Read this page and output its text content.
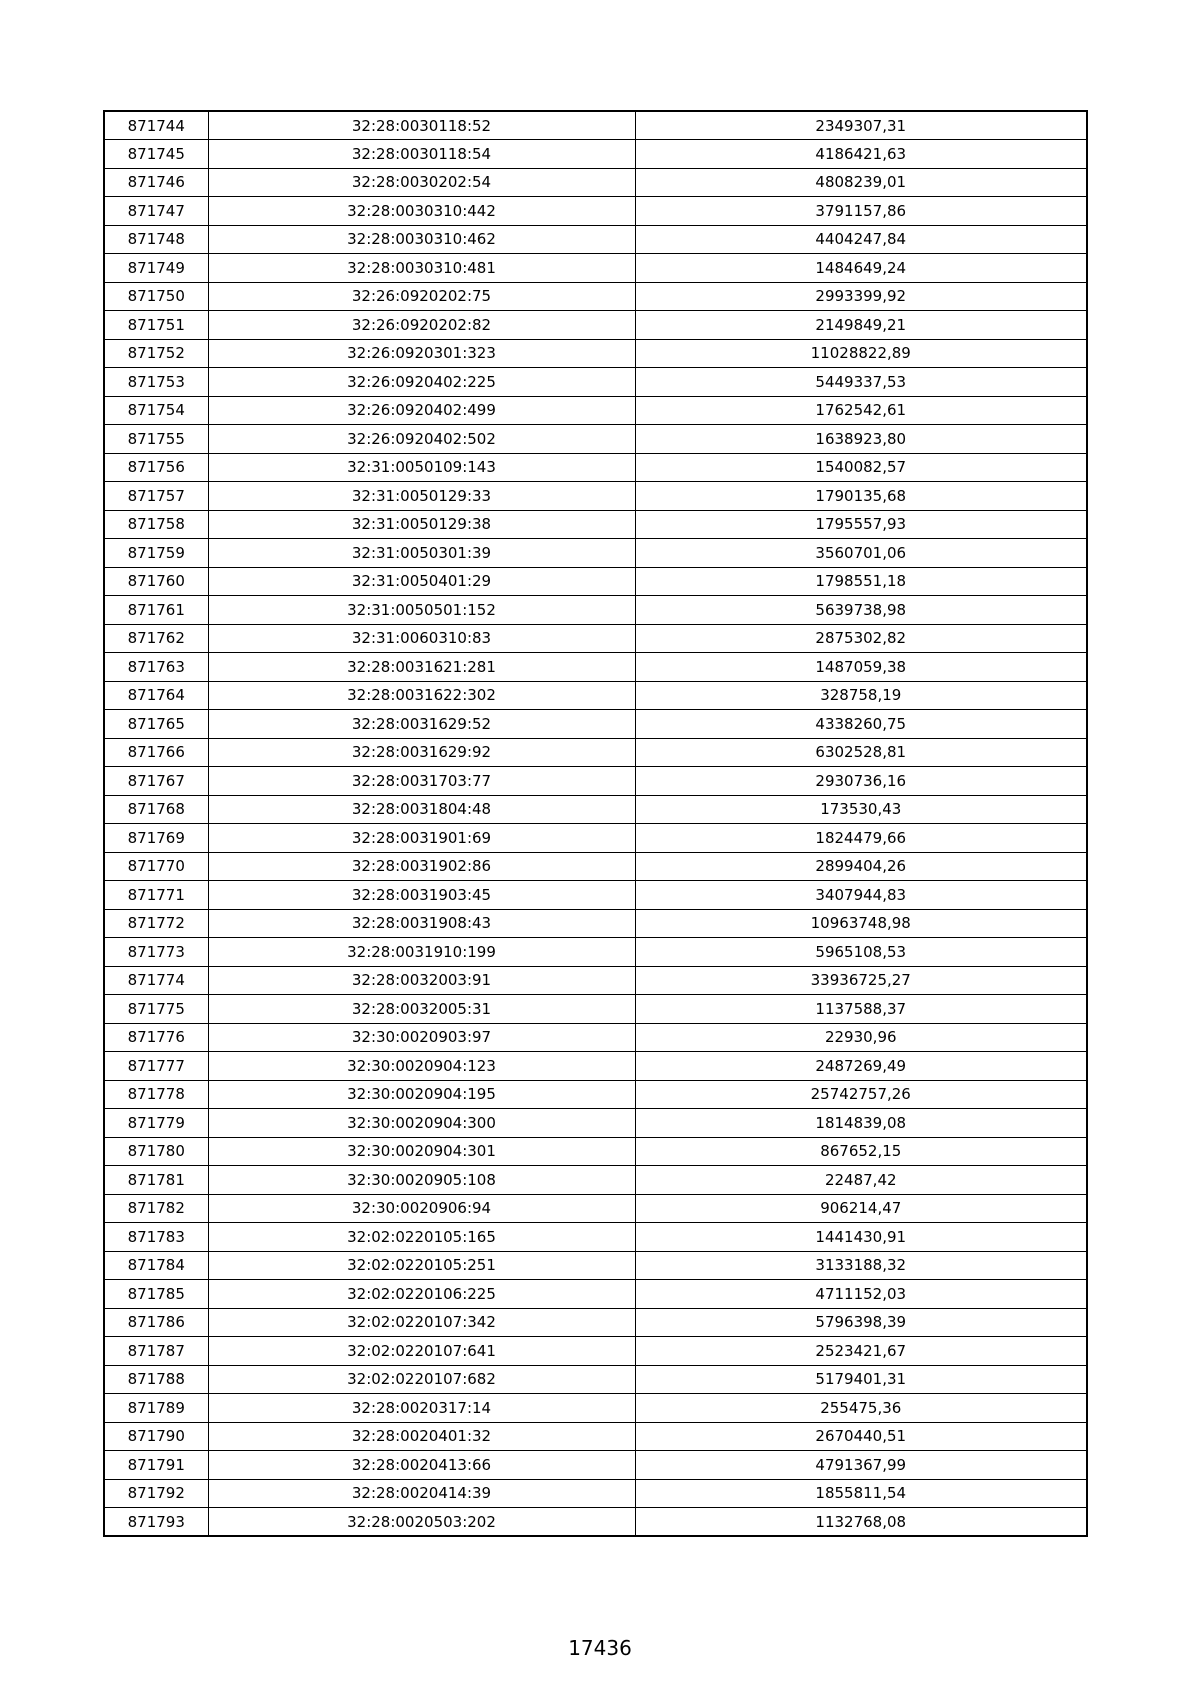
871744	32:28:0030118:52	2349307,31
871745	32:28:0030118:54	4186421,63
871746	32:28:0030202:54	4808239,01
871747	32:28:0030310:442	3791157,86
871748	32:28:0030310:462	4404247,84
871749	32:28:0030310:481	1484649,24
871750	32:26:0920202:75	2993399,92
871751	32:26:0920202:82	2149849,21
871752	32:26:0920301:323	11028822,89
871753	32:26:0920402:225	5449337,53
871754	32:26:0920402:499	1762542,61
871755	32:26:0920402:502	1638923,80
871756	32:31:0050109:143	1540082,57
871757	32:31:0050129:33	1790135,68
871758	32:31:0050129:38	1795557,93
871759	32:31:0050301:39	3560701,06
871760	32:31:0050401:29	1798551,18
871761	32:31:0050501:152	5639738,98
871762	32:31:0060310:83	2875302,82
871763	32:28:0031621:281	1487059,38
871764	32:28:0031622:302	328758,19
871765	32:28:0031629:52	4338260,75
871766	32:28:0031629:92	6302528,81
871767	32:28:0031703:77	2930736,16
871768	32:28:0031804:48	173530,43
871769	32:28:0031901:69	1824479,66
871770	32:28:0031902:86	2899404,26
871771	32:28:0031903:45	3407944,83
871772	32:28:0031908:43	10963748,98
871773	32:28:0031910:199	5965108,53
871774	32:28:0032003:91	33936725,27
871775	32:28:0032005:31	1137588,37
871776	32:30:0020903:97	22930,96
871777	32:30:0020904:123	2487269,49
871778	32:30:0020904:195	25742757,26
871779	32:30:0020904:300	1814839,08
871780	32:30:0020904:301	867652,15
871781	32:30:0020905:108	22487,42
871782	32:30:0020906:94	906214,47
871783	32:02:0220105:165	1441430,91
871784	32:02:0220105:251	3133188,32
871785	32:02:0220106:225	4711152,03
871786	32:02:0220107:342	5796398,39
871787	32:02:0220107:641	2523421,67
871788	32:02:0220107:682	5179401,31
871789	32:28:0020317:14	255475,36
871790	32:28:0020401:32	2670440,51
871791	32:28:0020413:66	4791367,99
871792	32:28:0020414:39	1855811,54
871793	32:28:0020503:202	1132768,08
17436
